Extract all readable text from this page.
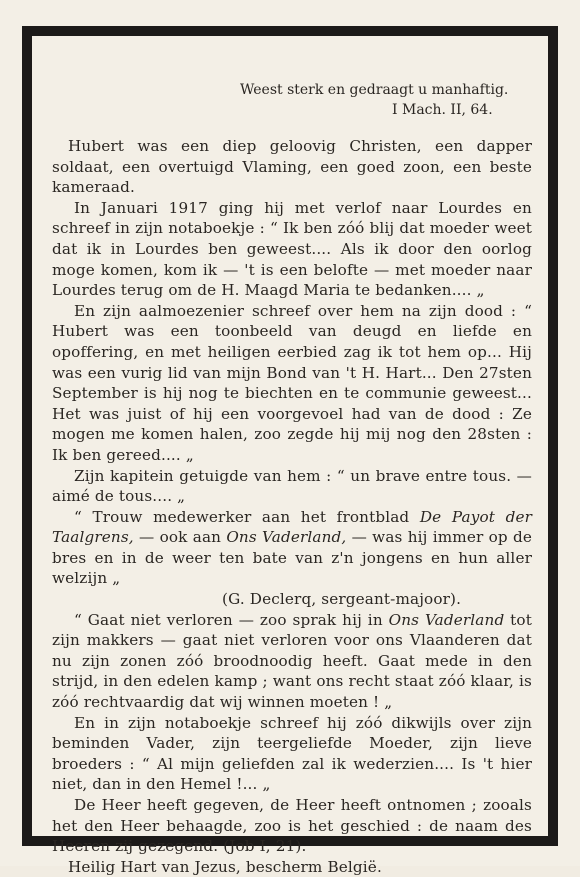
Weest sterk en gedraagt u manhaftig.
I Mach. II, 64.

Hubert was een diep geloovig Christen, een dapper soldaat, een overtuigd Vlaming, een goed zoon, een beste kameraad.

In Januari 1917 ging hij met verlof naar Lourdes en schreef in zijn notaboekje : “ Ik ben zóó blij dat moeder weet dat ik in Lourdes ben geweest.... Als ik door den oorlog moge komen, kom ik — 't is een belofte — met moeder naar Lourdes terug om de H. Maagd Maria te bedanken.... „

En zijn aalmoezenier schreef over hem na zijn dood : “ Hubert was een toonbeeld van deugd en liefde en opoffering, en met heiligen eerbied zag ik tot hem op... Hij was een vurig lid van mijn Bond van 't H. Hart... Den 27sten September is hij nog te biechten en te communie geweest... Het was juist of hij een voorgevoel had van de dood : Ze mogen me komen halen, zoo zegde hij mij nog den 28sten : Ik ben gereed.... „

Zijn kapitein getuigde van hem : “ un brave entre tous. — aimé de tous.... „

“ Trouw medewerker aan het frontblad De Payot der Taalgrens, — ook aan Ons Vaderland, — was hij immer op de bres en in de weer ten bate van z'n jongens en hun aller welzijn „

(G. Declerq, sergeant-majoor).

“ Gaat niet verloren — zoo sprak hij in Ons Vaderland tot zijn makkers — gaat niet verloren voor ons Vlaanderen dat nu zijn zonen zóó broodnoodig heeft. Gaat mede in den strijd, in den edelen kamp ; want ons recht staat zóó klaar, is zóó rechtvaardig dat wij winnen moeten ! „

En in zijn notaboekje schreef hij zóó dikwijls over zijn beminden Vader, zijn teergeliefde Moeder, zijn lieve broeders : “ Al mijn geliefden zal ik wederzien.... Is 't hier niet, dan in den Hemel !... „

De Heer heeft gegeven, de Heer heeft ontnomen ; zooals het den Heer behaagde, zoo is het geschied : de naam des Heeren zij gezegend. (Job I, 21).

Heilig Hart van Jezus, bescherm België.
